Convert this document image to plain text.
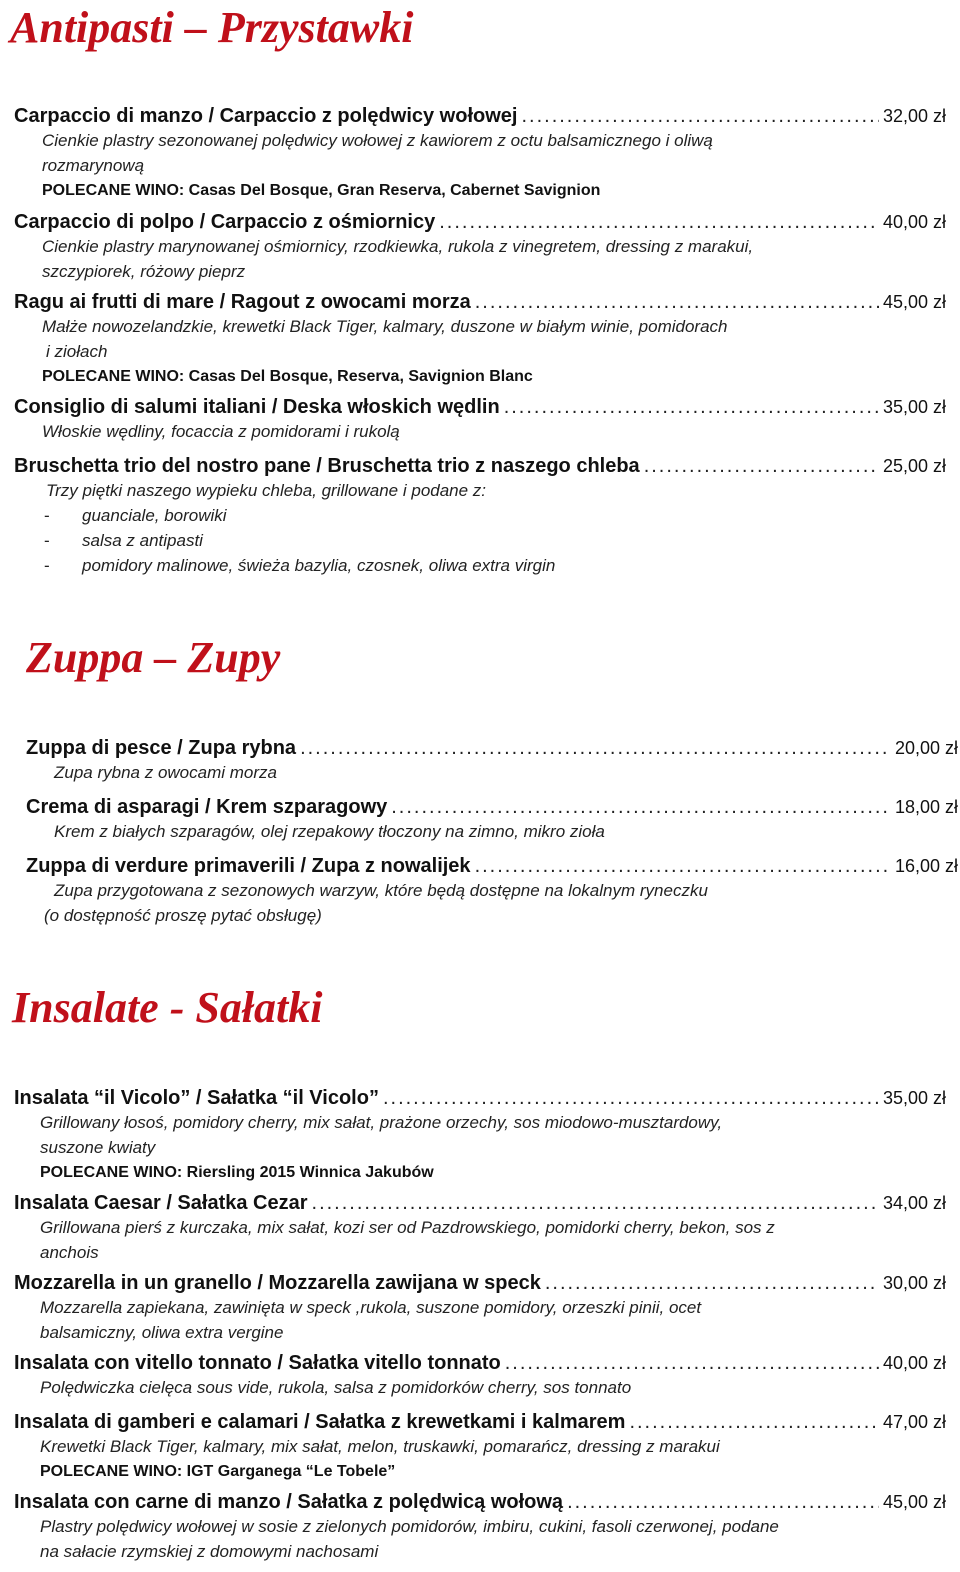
Antipasti – Przystawki
Carpaccio di manzo / Carpaccio z polędwicy wołowej .....	32,00 zł
Cienkie plastry sezonowanej polędwicy wołowej z kawiorem z octu balsamicznego i oliwą
rozmarynową
POLECANE WINO: Casas Del Bosque, Gran Reserva, Cabernet Savignion
Carpaccio di polpo / Carpaccio z ośmiornicy .....	40,00 zł
Cienkie plastry marynowanej ośmiornicy, rzodkiewka, rukola z vinegretem, dressing z marakui,
szczypiorek, różowy pieprz
Ragu ai frutti di mare / Ragout z owocami morza .....	45,00 zł
Małże nowozelandzkie, krewetki Black Tiger, kalmary, duszone w białym winie, pomidorach
i ziołach
POLECANE WINO: Casas Del Bosque, Reserva, Savignion Blanc
Consiglio di salumi italiani / Deska włoskich wędlin .....	35,00 zł
Włoskie wędliny, focaccia z pomidorami i rukolą
Bruschetta trio del nostro pane / Bruschetta trio z naszego chleba .....	25,00 zł
Trzy piętki naszego wypieku chleba, grillowane i podane z:
-	guanciale, borowiki
-	salsa z antipasti
-	pomidory malinowe, świeża bazylia, czosnek, oliwa extra virgin
Zuppa – Zupy
Zuppa di pesce / Zupa rybna .....	20,00 zł
Zupa rybna z owocami morza
Crema di asparagi / Krem szparagowy .....	18,00 zł
Krem z białych szparagów, olej rzepakowy tłoczony na zimno, mikro zioła
Zuppa di verdure primaverili / Zupa z nowalijek .....	16,00 zł
Zupa przygotowana z sezonowych warzyw, które będą dostępne na lokalnym ryneczku
(o dostępność proszę pytać obsługę)
Insalate - Sałatki
Insalata “il Vicolo” / Sałatka “il Vicolo” .....	35,00 zł
Grillowany łosoś, pomidory cherry, mix sałat, prażone orzechy, sos miodowo-musztardowy,
suszone kwiaty
POLECANE WINO: Riersling 2015 Winnica Jakubów
Insalata Caesar / Sałatka Cezar .....	34,00 zł
Grillowana pierś z kurczaka, mix sałat, kozi ser od Pazdrowskiego, pomidorki cherry, bekon, sos z
anchois
Mozzarella in un granello / Mozzarella zawijana w speck .....	30,00 zł
Mozzarella zapiekana, zawinięta w speck ,rukola, suszone pomidory, orzeszki pinii, ocet
balsamiczny, oliwa extra vergine
Insalata con vitello tonnato / Sałatka vitello tonnato .....	40,00 zł
Polędwiczka cielęca sous vide, rukola, salsa z pomidorków cherry, sos tonnato
Insalata di gamberi e calamari / Sałatka z krewetkami i kalmarem .....	47,00 zł
Krewetki Black Tiger, kalmary, mix sałat, melon, truskawki, pomarańcz, dressing z marakui
POLECANE WINO: IGT Garganega “Le Tobele”
Insalata con carne di manzo / Sałatka z polędwicą wołową .....	45,00 zł
Plastry polędwicy wołowej w sosie z zielonych pomidorów, imbiru, cukini, fasoli czerwonej, podane
na sałacie rzymskiej z domowymi nachosami
